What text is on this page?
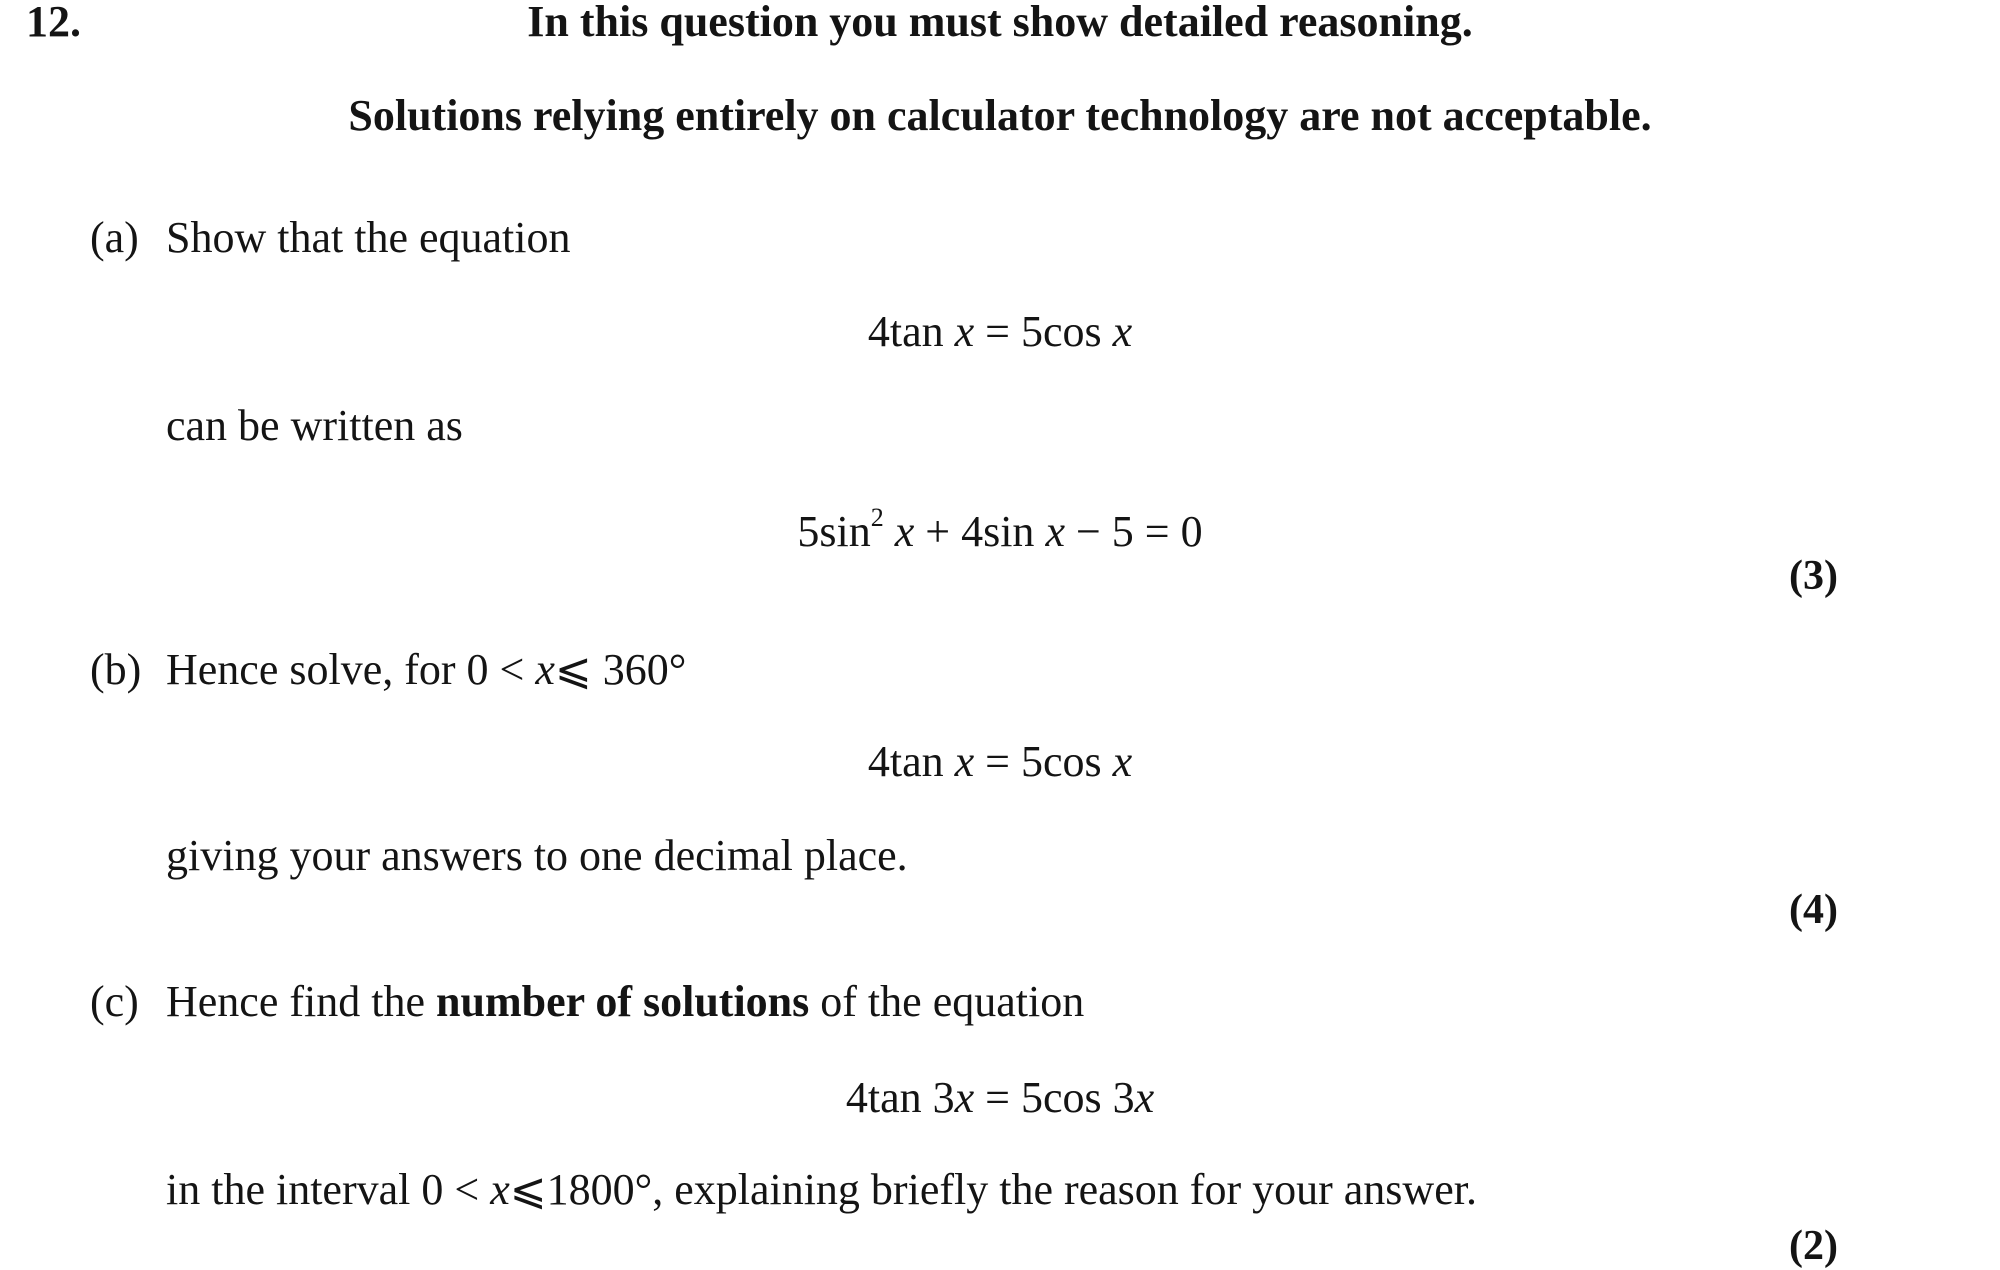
12.	In this question you must show detailed reasoning.
Solutions relying entirely on calculator technology are not acceptable.
(a) Show that the equation
4tan x = 5cos x
can be written as
$5\sin^2$ x + 4sin x − 5 = 0
(3)
(b) Hence solve, for 0 < x⩽ 360°
4tan x = 5cos x
giving your answers to one decimal place.
(4)
(c) Hence find the number of solutions of the equation
4tan 3x = 5cos 3x
in the interval 0 < x⩽1800°, explaining briefly the reason for your answer.
(2)
